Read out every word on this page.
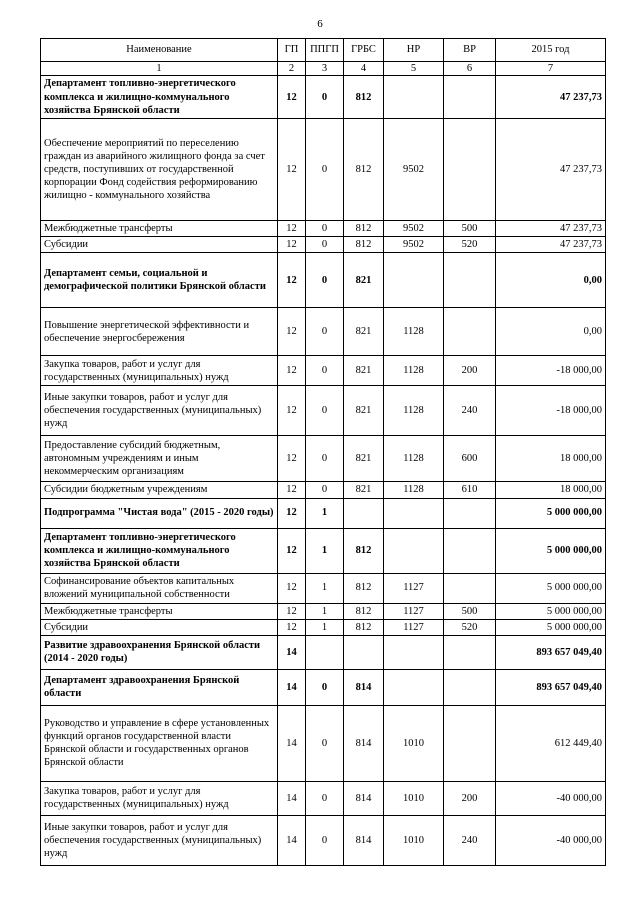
6
Наименование	ГП	ППГП	ГРБС	НР	ВР	2015 год
1	2	3	4	5	6	7
Департамент топливно-энергетического комплекса и жилищно-коммунального хозяйства Брянской области	12	0	812			47 237,73
Обеспечение мероприятий по переселению граждан из аварийного жилищного фонда за счет средств, поступивших от государственной корпорации Фонд содействия реформированию жилищно - коммунального хозяйства	12	0	812	9502		47 237,73
Межбюджетные трансферты	12	0	812	9502	500	47 237,73
Субсидии	12	0	812	9502	520	47 237,73
Департамент семьи, социальной и демографической политики Брянской области	12	0	821			0,00
Повышение энергетической эффективности и обеспечение энергосбережения	12	0	821	1128		0,00
Закупка товаров, работ и услуг для государственных (муниципальных) нужд	12	0	821	1128	200	-18 000,00
Иные закупки товаров, работ и услуг для обеспечения государственных (муниципальных) нужд	12	0	821	1128	240	-18 000,00
Предоставление субсидий бюджетным, автономным учреждениям и иным некоммерческим организациям	12	0	821	1128	600	18 000,00
Субсидии бюджетным учреждениям	12	0	821	1128	610	18 000,00
Подпрограмма "Чистая вода" (2015 - 2020 годы)	12	1				5 000 000,00
Департамент топливно-энергетического комплекса и жилищно-коммунального хозяйства Брянской области	12	1	812			5 000 000,00
Софинансирование объектов капитальных вложений муниципальной собственности	12	1	812	1127		5 000 000,00
Межбюджетные трансферты	12	1	812	1127	500	5 000 000,00
Субсидии	12	1	812	1127	520	5 000 000,00
Развитие здравоохранения Брянской области (2014 - 2020 годы)	14					893 657 049,40
Департамент здравоохранения Брянской области	14	0	814			893 657 049,40
Руководство и управление в сфере установленных функций органов государственной власти Брянской области и государственных органов Брянской области	14	0	814	1010		612 449,40
Закупка товаров, работ и услуг для государственных (муниципальных) нужд	14	0	814	1010	200	-40 000,00
Иные закупки товаров, работ и услуг для обеспечения государственных (муниципальных) нужд	14	0	814	1010	240	-40 000,00
